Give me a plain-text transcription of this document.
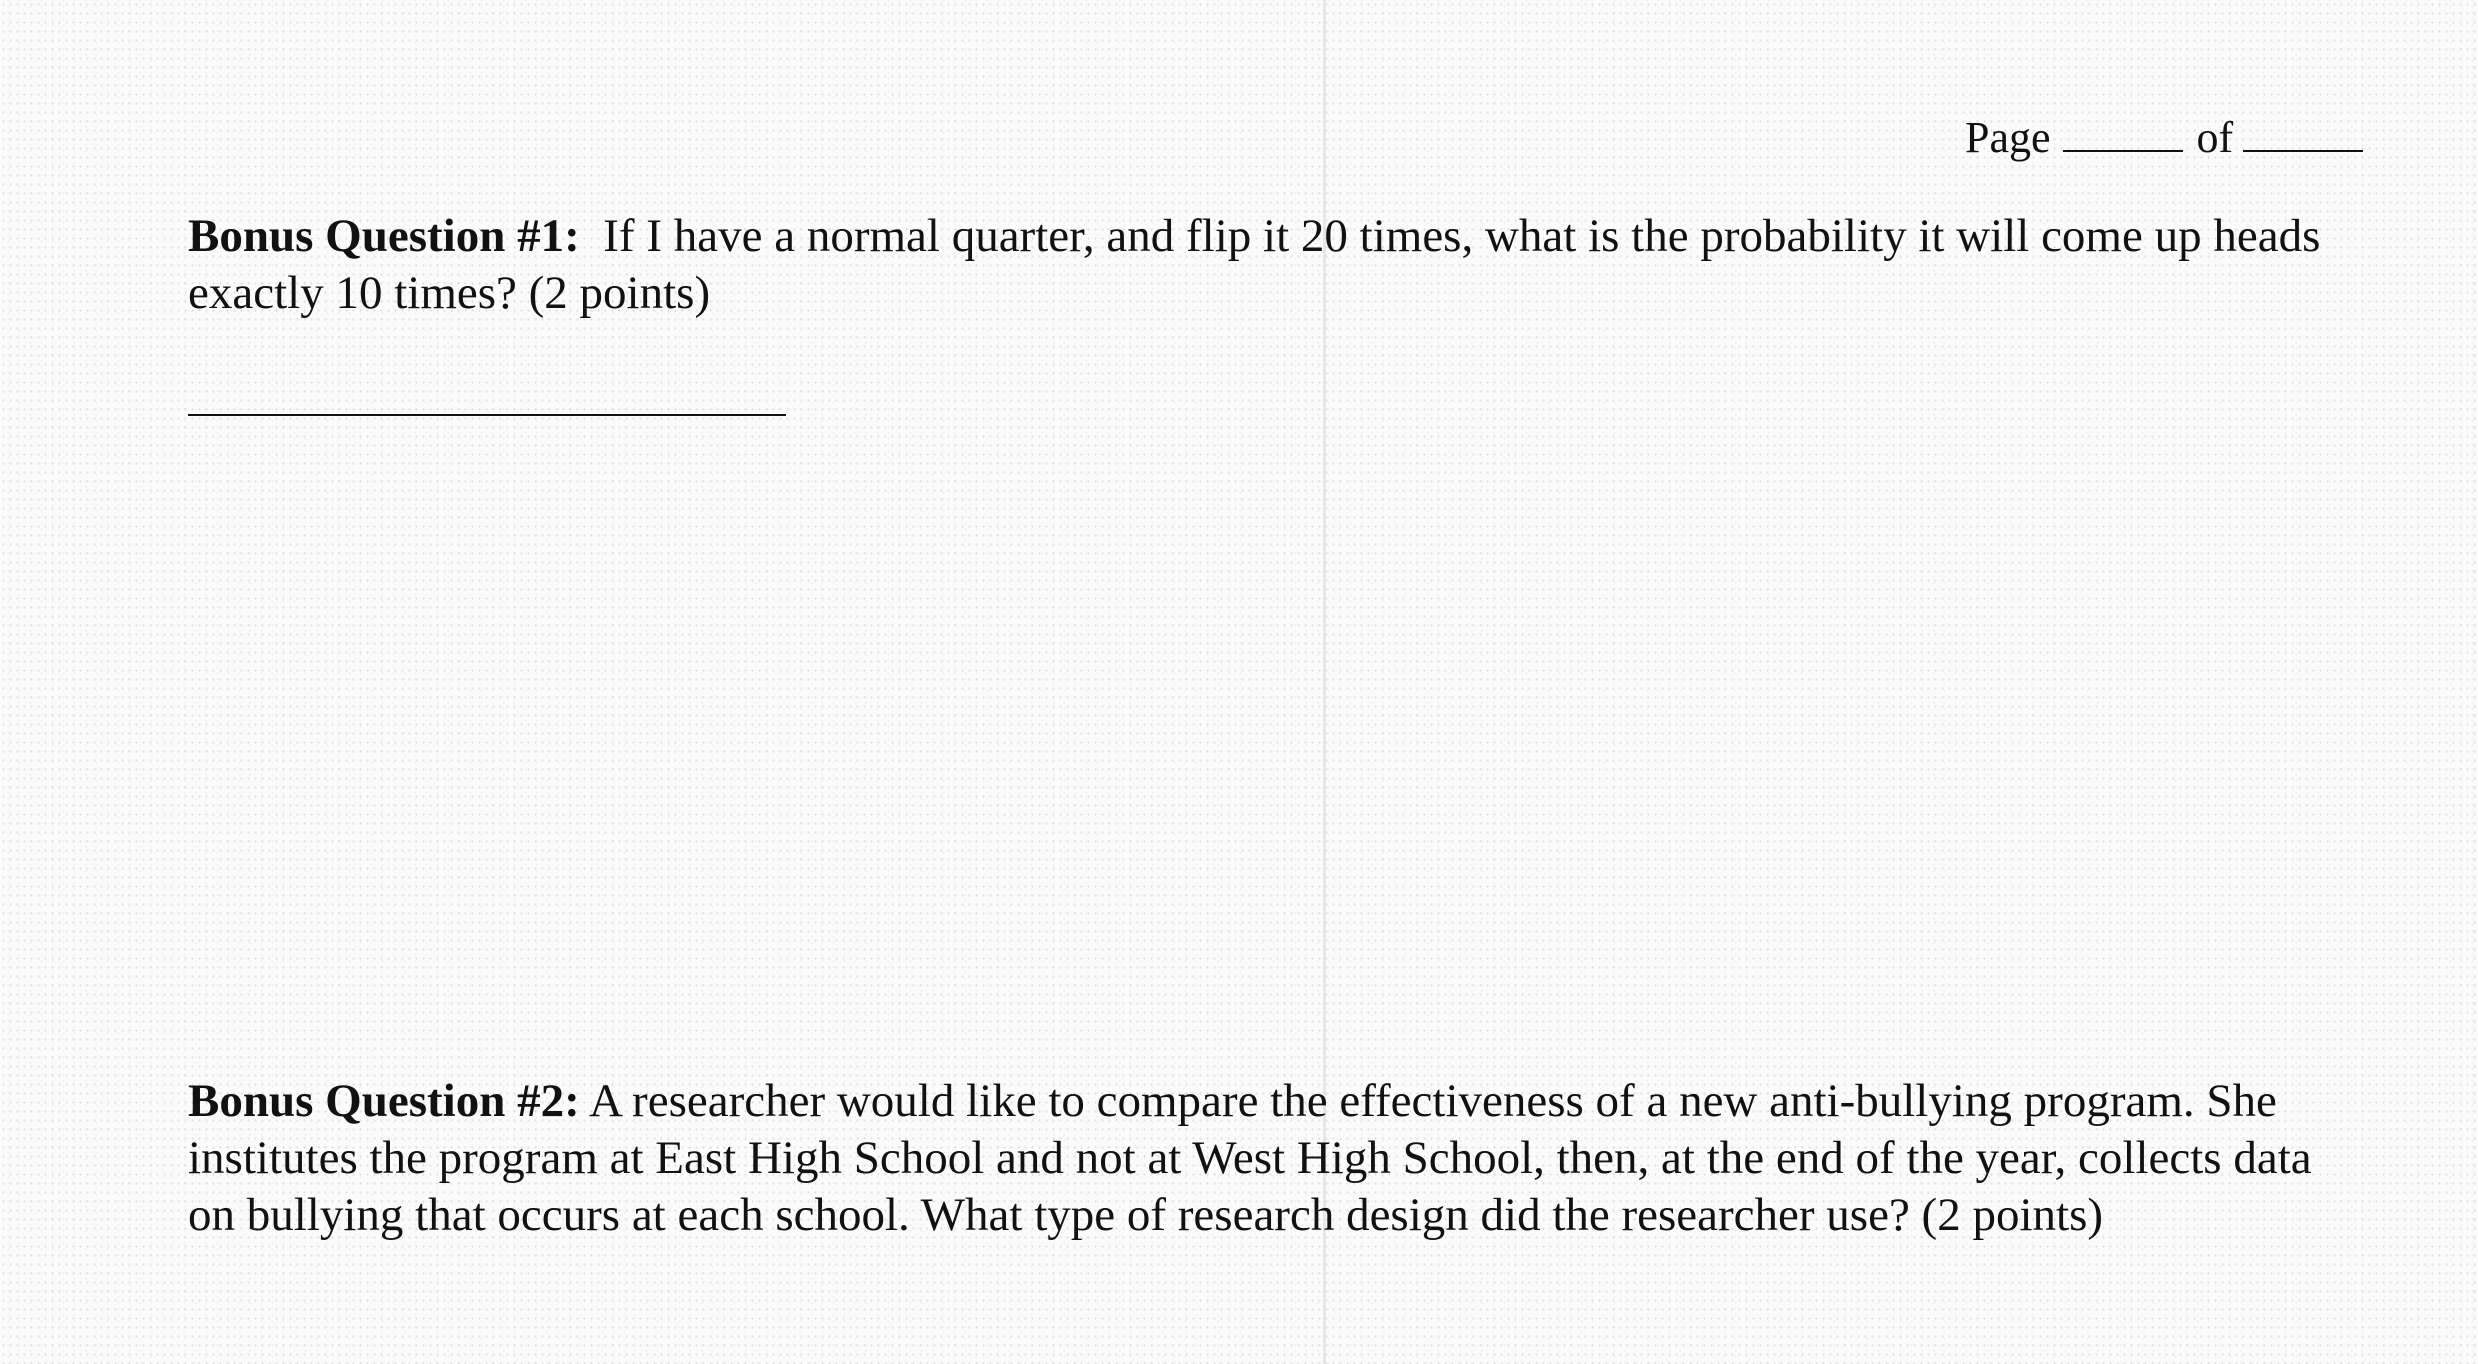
Page	of
Bonus Question #1: If I have a normal quarter, and flip it 20 times, what is the probability it will come up heads exactly 10 times? (2 points)
Bonus Question #2: A researcher would like to compare the effectiveness of a new anti-bullying program. She institutes the program at East High School and not at West High School, then, at the end of the year, collects data on bullying that occurs at each school. What type of research design did the researcher use? (2 points)
